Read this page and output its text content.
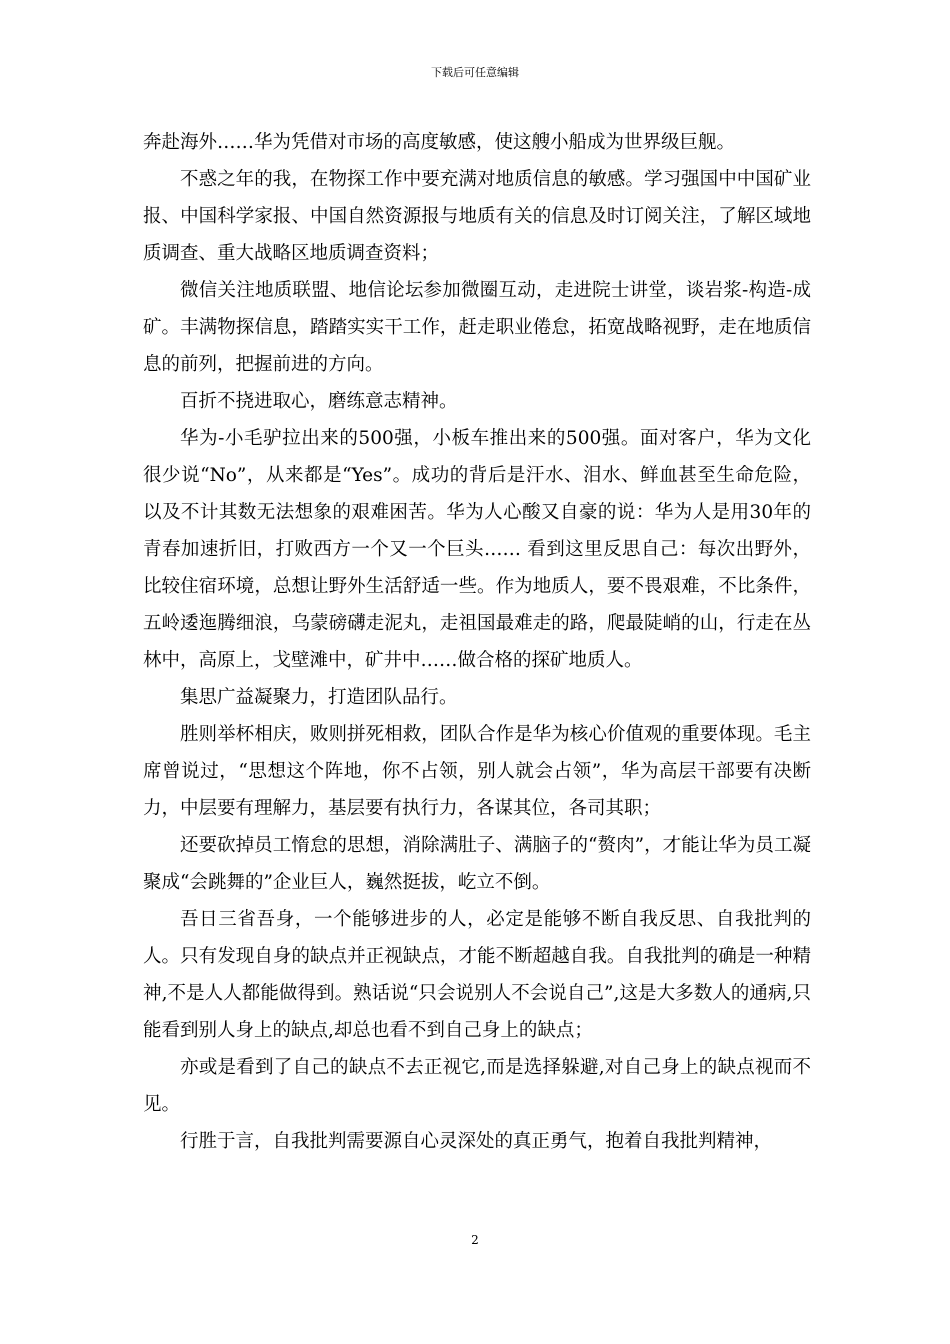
下载后可任意编辑

奔赴海外……华为凭借对市场的高度敏感，使这艘小船成为世界级巨舰。

不惑之年的我，在物探工作中要充满对地质信息的敏感。学习强国中中国矿业报、中国科学家报、中国自然资源报与地质有关的信息及时订阅关注，了解区域地质调查、重大战略区地质调查资料；

微信关注地质联盟、地信论坛参加微圈互动，走进院士讲堂，谈岩浆-构造-成矿。丰满物探信息，踏踏实实干工作，赶走职业倦怠，拓宽战略视野，走在地质信息的前列，把握前进的方向。

百折不挠进取心，磨练意志精神。

华为-小毛驴拉出来的500强，小板车推出来的500强。面对客户，华为文化很少说“No”，从来都是“Yes”。成功的背后是汗水、泪水、鲜血甚至生命危险，以及不计其数无法想象的艰难困苦。华为人心酸又自豪的说：华为人是用30年的青春加速折旧，打败西方一个又一个巨头…… 看到这里反思自己：每次出野外，比较住宿环境，总想让野外生活舒适一些。作为地质人，要不畏艰难，不比条件，五岭逶迤腾细浪，乌蒙磅礴走泥丸，走祖国最难走的路，爬最陡峭的山，行走在丛林中，高原上，戈壁滩中，矿井中……做合格的探矿地质人。

集思广益凝聚力，打造团队品行。

胜则举杯相庆，败则拼死相救，团队合作是华为核心价值观的重要体现。毛主席曾说过，“思想这个阵地，你不占领，别人就会占领”，华为高层干部要有决断力，中层要有理解力，基层要有执行力，各谋其位，各司其职；

还要砍掉员工惰怠的思想，消除满肚子、满脑子的“赘肉”，才能让华为员工凝聚成“会跳舞的”企业巨人，巍然挺拔，屹立不倒。

吾日三省吾身，一个能够进步的人，必定是能够不断自我反思、自我批判的人。只有发现自身的缺点并正视缺点，才能不断超越自我。自我批判的确是一种精神,不是人人都能做得到。熟话说“只会说别人不会说自己”,这是大多数人的通病,只能看到别人身上的缺点,却总也看不到自己身上的缺点；

亦或是看到了自己的缺点不去正视它,而是选择躲避,对自己身上的缺点视而不见。

行胜于言，自我批判需要源自心灵深处的真正勇气，抱着自我批判精神，

2
